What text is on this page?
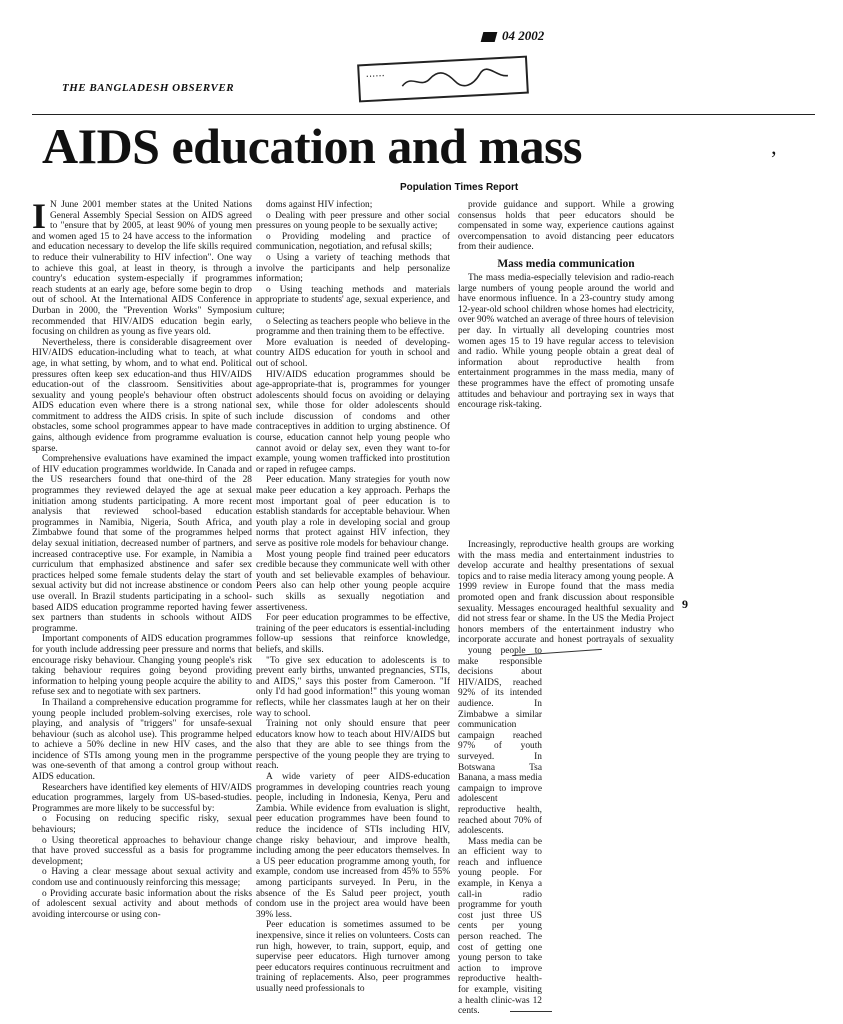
04 2002
......
THE BANGLADESH OBSERVER
AIDS education and mass	’
Population Times Report

I N June 2001 member states at the United Nations General Assembly Special Session on AIDS agreed to "ensure that by 2005, at least 90% of young men and women aged 15 to 24 have access to the information and education necessary to develop the life skills required to reduce their vulnerability to HIV infection". One way to achieve this goal, at least in theory, is through a country's education system-especially if programmes reach students at an early age, before some begin to drop out of school. At the International AIDS Conference in Durban in 2000, the "Prevention Works" Symposium recommended that HIV/AIDS education begin early, focusing on children as young as five years old.

Nevertheless, there is considerable disagreement over HIV/AIDS education-including what to teach, at what age, in what setting, by whom, and to what end. Political pressures often keep sex education-and thus HIV/AIDS education-out of the classroom. Sensitivities about sexuality and young people's behaviour often obstruct AIDS education even where there is a strong national commitment to address the AIDS crisis. In spite of such obstacles, some school programmes appear to have made gains, although evidence from programme evaluation is sparse.

Comprehensive evaluations have examined the impact of HIV education programmes worldwide. In Canada and the US researchers found that one-third of the 28 programmes they reviewed delayed the age at sexual initiation among students participating. A more recent analysis that reviewed school-based education programmes in Namibia, Nigeria, South Africa, and Zimbabwe found that some of the programmes helped delay sexual initiation, decreased number of partners, and increased contraceptive use. For example, in Namibia a curriculum that emphasized abstinence and safer sex practices helped some female students delay the start of sexual activity but did not increase abstinence or condom use overall. In Brazil students participating in a school-based AIDS education programme reported having fewer sex partners than students in schools without AIDS programme.

Important components of AIDS education programmes for youth include addressing peer pressure and norms that encourage risky behaviour. Changing young people's risk taking behaviour requires going beyond providing information to helping young people acquire the ability to refuse sex and to negotiate with sex partners.

In Thailand a comprehensive education programme for young people included problem-solving exercises, role playing, and analysis of "triggers" for unsafe-sexual behaviour (such as alcohol use). This programme helped to achieve a 50% decline in new HIV cases, and the incidence of STIs among young men in the programme was one-seventh of that among a control group without AIDS education.

Researchers have identified key elements of HIV/AIDS education programmes, largely from US-based-studies. Programmes are more likely to be successful by:

o Focusing on reducing specific risky, sexual behaviours;

o Using theoretical approaches to behaviour change that have proved successful as a basis for programme development;

o Having a clear message about sexual activity and condom use and continuously reinforcing this message;

o Providing accurate basic information about the risks of adolescent sexual activity and about methods of avoiding intercourse or using con-

doms against HIV infection;

o Dealing with peer pressure and other social pressures on young people to be sexually active;

o Providing modeling and practice of communication, negotiation, and refusal skills;

o Using a variety of teaching methods that involve the participants and help personalize information;

o Using teaching methods and materials appropriate to students' age, sexual experience, and culture;

o Selecting as teachers people who believe in the programme and then training them to be effective.

More evaluation is needed of developing-country AIDS education for youth in school and out of school.

HIV/AIDS education programmes should be age-appropriate-that is, programmes for younger adolescents should focus on avoiding or delaying sex, while those for older adolescents should include discussion of condoms and other contraceptives in addition to urging abstinence. Of course, education cannot help young people who cannot avoid or delay sex, even they want to-for example, young women trafficked into prostitution or raped in refugee camps.

Peer education. Many strategies for youth now make peer education a key approach. Perhaps the most important goal of peer education is to establish standards for acceptable behaviour. When youth play a role in developing social and group norms that protect against HIV infection, they serve as positive role models for behaviour change.

Most young people find trained peer educators credible because they communicate well with other youth and set believable examples of behaviour. Peers also can help other young people acquire such skills as sexually negotiation and assertiveness.

For peer education programmes to be effective, training of the peer educators is essential-including follow-up sessions that reinforce knowledge, beliefs, and skills.

"To give sex education to adolescents is to prevent early births, unwanted pregnancies, STIs, and AIDS," says this poster from Cameroon. "If only I'd had good information!" this young woman reflects, while her classmates laugh at her on their way to school.

Training not only should ensure that peer educators know how to teach about HIV/AIDS but also that they are able to see things from the perspective of the young people they are trying to reach.

A wide variety of peer AIDS-education programmes in developing countries reach young people, including in Indonesia, Kenya, Peru and Zambia. While evidence from evaluation is slight, peer education programmes have been found to reduce the incidence of STIs including HIV, change risky behaviour, and improve health, including among the peer educators themselves. In a US peer education programme among youth, for example, condom use increased from 45% to 55% among participants surveyed. In Peru, in the absence of the Es Salud peer project, youth condom use in the project area would have been 39% less.

Peer education is sometimes assumed to be inexpensive, since it relies on volunteers. Costs can run high, however, to train, support, equip, and supervise peer educators. High turnover among peer educators requires continuous recruitment and training of replacements. Also, peer programmes usually need professionals to

provide guidance and support. While a growing consensus holds that peer educators should be compensated in some way, experience cautions against overcompensation to avoid distancing peer educators from their audience.

Mass media communication

The mass media-especially television and radio-reach large numbers of young people around the world and have enormous influence. In a 23-country study among 12-year-old school children whose homes had electricity, over 90% watched an average of three hours of television per day. In virtually all developing countries most women ages 15 to 19 have regular access to television and radio. While young people obtain a great deal of information about reproductive health from entertainment programmes in the mass media, many of these programmes have the effect of promoting unsafe attitudes and behaviour and portraying sex in ways that encourage risk-taking.

Increasingly, reproductive health groups are working with the mass media and entertainment industries to develop accurate and healthy presentations of sexual topics and to raise media literacy among young people. A 1999 review in Europe found that the mass media promoted open and frank discussion about responsible sexuality. Messages encouraged healthful sexuality and did not stress fear or shame. In the US the Media Project honors members of the entertainment industry who incorporate accurate and honest portrayals of sexuality

young people to make responsible decisions about HIV/AIDS, reached 92% of its intended audience. In Zimbabwe a similar communication campaign reached 97% of youth surveyed. In Botswana Tsa Banana, a mass media campaign to improve adolescent reproductive health, reached about 70% of adolescents.

Mass media can be an efficient way to reach and influence young people. For example, in Kenya a call-in radio programme for youth cost just three US cents per young person reached. The cost of getting one young person to take action to improve reproductive health-for example, visiting a health clinic-was 12 cents.

9
